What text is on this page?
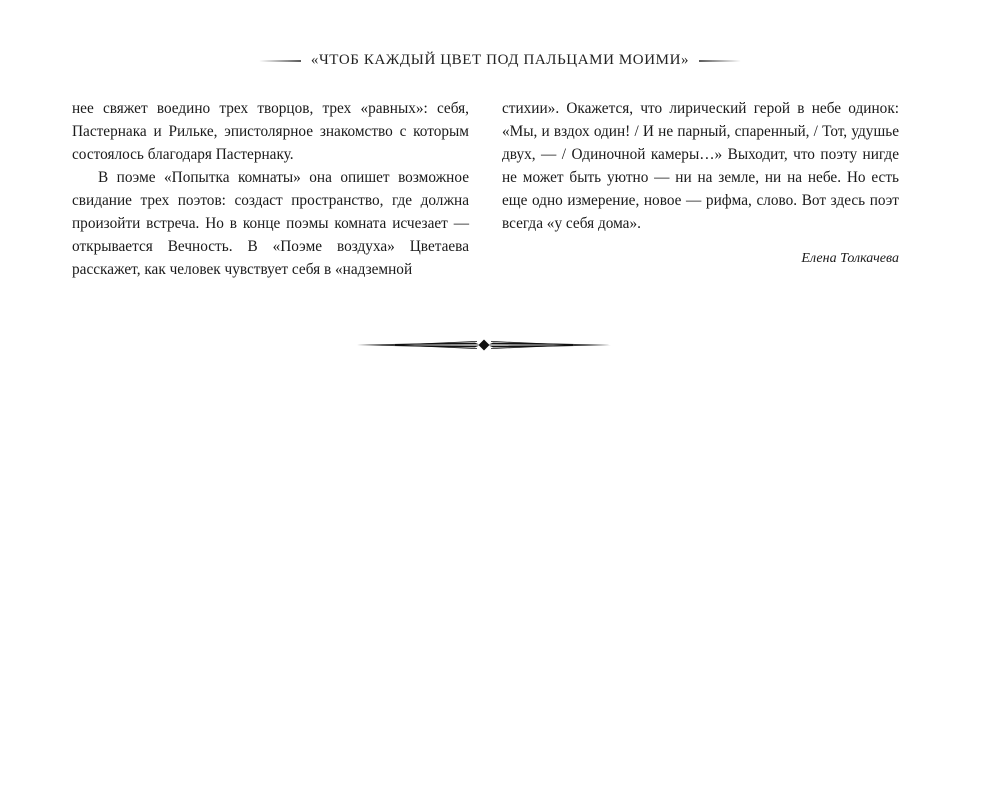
«ЧТОБ КАЖДЫЙ ЦВЕТ ПОД ПАЛЬЦАМИ МОИМИ»

нее свяжет воедино трех творцов, трех «равных»: себя, Пастернака и Рильке, эпистолярное знакомство с которым состоялось благодаря Пастернаку.

В поэме «Попытка комнаты» она опишет возможное свидание трех поэтов: создаст пространство, где должна произойти встреча. Но в конце поэмы комната исчезает — открывается Вечность. В «Поэме воздуха» Цветаева расскажет, как человек чувствует себя в «надземной

стихии». Окажется, что лирический герой в небе одинок: «Мы, и вздох один! / И не парный, спаренный, / Тот, удушье двух, — / Одиночной камеры…» Выходит, что поэту нигде не может быть уютно — ни на земле, ни на небе. Но есть еще одно измерение, новое — рифма, слово. Вот здесь поэт всегда «у себя дома».

Елена Толкачева
